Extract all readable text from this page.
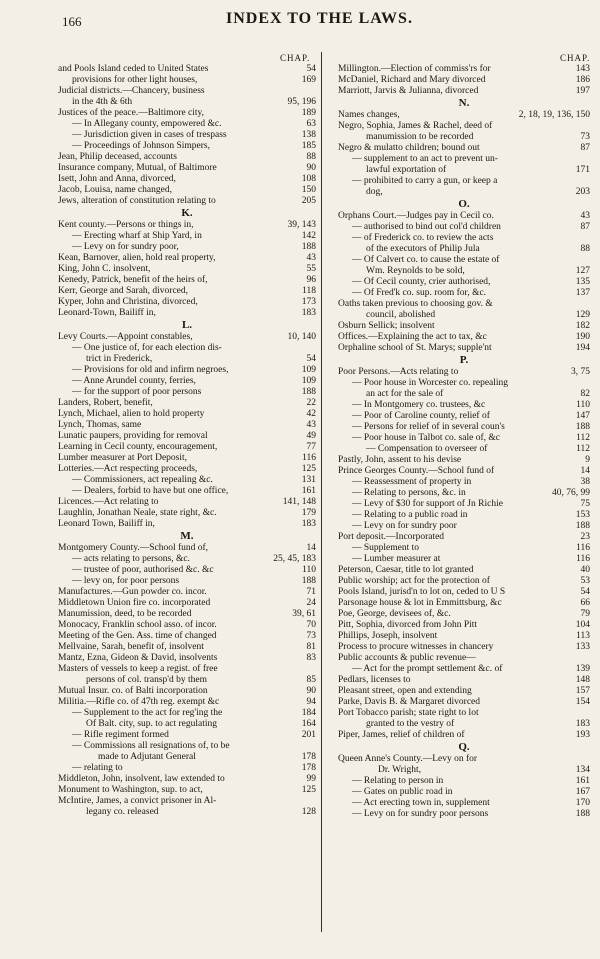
166	INDEX TO THE LAWS.
CHAP.	CHAP.
and Pools Island ceded to United States	54
provisions for other light houses,	169
Judicial districts.—Chancery, business
in the 4th & 6th	95, 196
Justices of the peace.—Baltimore city,	189
— In Allegany county, empowered &c.	63
— Jurisdiction given in cases of trespass	138
— Proceedings of Johnson Simpers,	185
Jean, Philip deceased, accounts	88
Insurance company, Mutual, of Baltimore	90
Isett, John and Anna, divorced,	108
Jacob, Louisa, name changed,	150
Jews, alteration of constitution relating to	205
K.
Kent county.—Persons or things in,	39, 143
— Erecting wharf at Ship Yard, in	142
— Levy on for sundry poor,	188
Kean, Barnover, alien, hold real property,	43
King, John C. insolvent,	55
Kenedy, Patrick, benefit of the heirs of,	96
Kerr, George and Sarah, divorced,	118
Kyper, John and Christina, divorced,	173
Leonard-Town, Bailiff in,	183
L.
Levy Courts.—Appoint constables,	10, 140
— One justice of, for each election dis-
trict in Frederick,	54
— Provisions for old and infirm negroes,	109
— Anne Arundel county, ferries,	109
— for the support of poor persons	188
Landers, Robert, benefit,	22
Lynch, Michael, alien to hold property	42
Lynch, Thomas, same	43
Lunatic paupers, providing for removal	49
Learning in Cecil county, encouragement,	77
Lumber measurer at Port Deposit,	116
Lotteries.—Act respecting proceeds,	125
— Commissioners, act repealing &c.	131
— Dealers, forbid to have but one office,	161
Licences.—Act relating to	141, 148
Laughlin, Jonathan Neale, state right, &c.	179
Leonard Town, Bailiff in,	183
M.
Montgomery County.—School fund of,	14
— acts relating to persons, &c.	25, 45, 183
— trustee of poor, authorised &c. &c	110
— levy on, for poor persons	188
Manufactures.—Gun powder co. incor.	71
Middletown Union fire co. incorporated	24
Manumission, deed, to be recorded	39, 61
Monocacy, Franklin school asso. of incor.	70
Meeting of the Gen. Ass. time of changed	73
Mellvaine, Sarah, benefit of, insolvent	81
Mantz, Ezna, Gideon & David, insolvents	83
Masters of vessels to keep a regist. of free
persons of col. transp'd by them	85
Mutual Insur. co. of Balti incorporation	90
Militia.—Rifle co. of 47th reg. exempt &c	94
— Supplement to the act for reg'ing the	184
Of Balt. city, sup. to act regulating	164
— Rifle regiment formed	201
— Commissions all resignations of, to be
made to Adjutant General	178
— relating to	178
Middleton, John, insolvent, law extended to	99
Monument to Washington, sup. to act,	125
McIntire, James, a convict prisoner in Al-
legany co. released	128
Millington.—Election of commiss'rs for	143
McDaniel, Richard and Mary divorced	186
Marriott, Jarvis & Julianna, divorced	197
N.
Names changes,	2, 18, 19, 136, 150
Negro, Sophia, James & Rachel, deed of
manumission to be recorded	73
Negro & mulatto children; bound out	87
— supplement to an act to prevent un-
lawful exportation of	171
— prohibited to carry a gun, or keep a
dog,	203
O.
Orphans Court.—Judges pay in Cecil co.	43
— authorised to bind out col'd children	87
— of Frederick co. to review the acts
of the executors of Philip Jula	88
— Of Calvert co. to cause the estate of
Wm. Reynolds to be sold,	127
— Of Cecil county, crier authorised,	135
— Of Fred'k co. sup. room for, &c.	137
Oaths taken previous to choosing gov. &
council, abolished	129
Osburn Sellick; insolvent	182
Offices.—Explaining the act to tax, &c	190
Orphaline school of St. Marys; supple'nt	194
P.
Poor Persons.—Acts relating to	3, 75
— Poor house in Worcester co. repealing
an act for the sale of	82
— In Montgomery co. trustees, &c	110
— Poor of Caroline county, relief of	147
— Persons for relief of in several coun's	188
— Poor house in Talbot co. sale of, &c	112
— Compensation to overseer of	112
Pastly, John, assent to his devise	9
Prince Georges County.—School fund of	14
— Reassessment of property in	38
— Relating to persons, &c. in	40, 76, 99
— Levy of $30 for support of Jn Richie	75
— Relating to a public road in	153
— Levy on for sundry poor	188
Port deposit.—Incorporated	23
— Supplement to	116
— Lumber measurer at	116
Peterson, Caesar, title to lot granted	40
Public worship; act for the protection of	53
Pools Island, jurisd'n to lot on, ceded to U S	54
Parsonage house & lot in Emmittsburg, &c	66
Poe, George, devisees of, &c.	79
Pitt, Sophia, divorced from John Pitt	104
Phillips, Joseph, insolvent	113
Process to procure witnesses in chancery	133
Public accounts & public revenue—
— Act for the prompt settlement &c. of	139
Pedlars, licenses to	148
Pleasant street, open and extending	157
Parke, Davis B. & Margaret divorced	154
Port Tobacco parish; state right to lot
granted to the vestry of	183
Piper, James, relief of children of	193
Q.
Queen Anne's County.—Levy on for
Dr. Wright,	134
— Relating to person in	161
— Gates on public road in	167
— Act erecting town in, supplement	170
— Levy on for sundry poor persons	188
